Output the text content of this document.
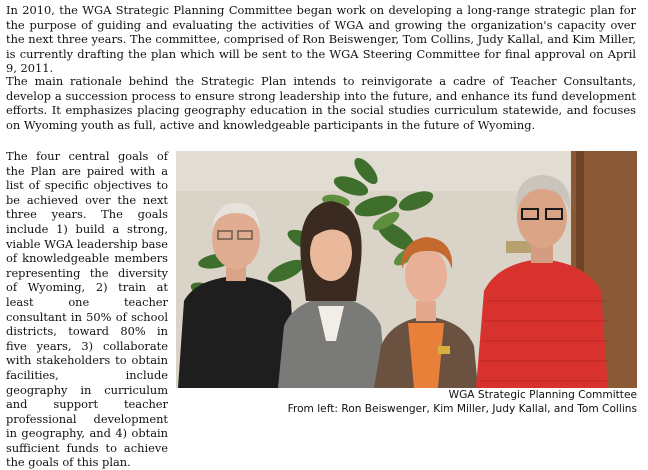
In 2010, the WGA Strategic Planning Committee began work on developing a long-range strategic plan for the purpose of guiding and evaluating the activities of WGA and growing the organization's capacity over the next three years. The committee, comprised of Ron Beiswenger, Tom Collins, Judy Kallal, and Kim Miller, is currently drafting the plan which will be sent to the WGA Steering Committee for final approval on April 9, 2011.

The main rationale behind the Strategic Plan intends to reinvigorate a cadre of Teacher Consultants, develop a succession process to ensure strong leadership into the future, and enhance its fund development efforts. It emphasizes placing geography education in the social studies curriculum statewide, and focuses on Wyoming youth as full, active and knowledgeable participants in the future of Wyoming.

The four central goals of the Plan are paired with a list of specific objectives to be achieved over the next three years. The goals include 1) build a strong, viable WGA leadership base of knowledgeable members representing the diversity of Wyoming, 2) train at least one teacher consultant in 50% of school districts, toward 80% in five years, 3) collaborate with stakeholders to obtain facilities, include geography in curriculum and support teacher professional development in geography, and 4) obtain sufficient funds to achieve the goals of this plan.

WGA Strategic Planning Committee
From left: Ron Beiswenger, Kim Miller, Judy Kallal, and Tom Collins
